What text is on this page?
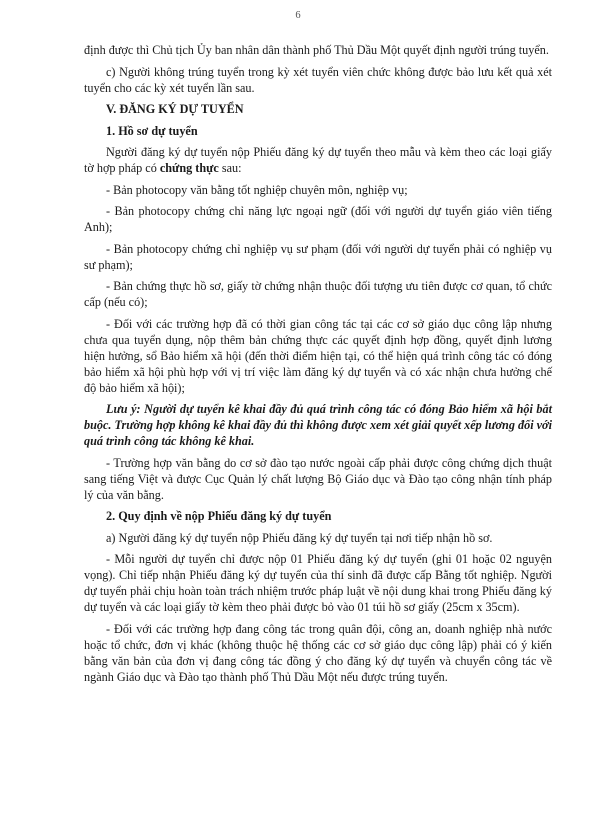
6

định được thì Chủ tịch Ủy ban nhân dân thành phố Thủ Dầu Một quyết định người trúng tuyển.

c) Người không trúng tuyển trong kỳ xét tuyển viên chức không được bảo lưu kết quả xét tuyển cho các kỳ xét tuyển lần sau.

V. ĐĂNG KÝ DỰ TUYỂN

1. Hồ sơ dự tuyển

Người đăng ký dự tuyển nộp Phiếu đăng ký dự tuyển theo mẫu và kèm theo các loại giấy tờ hợp pháp có chứng thực sau:

- Bản photocopy văn bằng tốt nghiệp chuyên môn, nghiệp vụ;

- Bản photocopy chứng chỉ năng lực ngoại ngữ (đối với người dự tuyển giáo viên tiếng Anh);

- Bản photocopy chứng chỉ nghiệp vụ sư phạm (đối với người dự tuyển phải có nghiệp vụ sư phạm);

- Bản chứng thực hồ sơ, giấy tờ chứng nhận thuộc đối tượng ưu tiên được cơ quan, tổ chức cấp (nếu có);

- Đối với các trường hợp đã có thời gian công tác tại các cơ sở giáo dục công lập nhưng chưa qua tuyển dụng, nộp thêm bản chứng thực các quyết định hợp đồng, quyết định lương hiện hưởng, sổ Bảo hiểm xã hội (đến thời điểm hiện tại, có thể hiện quá trình công tác có đóng bảo hiểm xã hội phù hợp với vị trí việc làm đăng ký dự tuyển và có xác nhận chưa hưởng chế độ bảo hiểm xã hội);

Lưu ý: Người dự tuyển kê khai đầy đủ quá trình công tác có đóng Bảo hiểm xã hội bắt buộc. Trường hợp không kê khai đầy đủ thì không được xem xét giải quyết xếp lương đối với quá trình công tác không kê khai.

- Trường hợp văn bằng do cơ sở đào tạo nước ngoài cấp phải được công chứng dịch thuật sang tiếng Việt và được Cục Quản lý chất lượng Bộ Giáo dục và Đào tạo công nhận tính pháp lý của văn bằng.

2. Quy định về nộp Phiếu đăng ký dự tuyển

a) Người đăng ký dự tuyển nộp Phiếu đăng ký dự tuyển tại nơi tiếp nhận hồ sơ.

- Mỗi người dự tuyển chỉ được nộp 01 Phiếu đăng ký dự tuyển (ghi 01 hoặc 02 nguyện vọng). Chỉ tiếp nhận Phiếu đăng ký dự tuyển của thí sinh đã được cấp Bằng tốt nghiệp. Người dự tuyển phải chịu hoàn toàn trách nhiệm trước pháp luật về nội dung khai trong Phiếu đăng ký dự tuyển và các loại giấy tờ kèm theo phải được bỏ vào 01 túi hồ sơ giấy (25cm x 35cm).

- Đối với các trường hợp đang công tác trong quân đội, công an, doanh nghiệp nhà nước hoặc tổ chức, đơn vị khác (không thuộc hệ thống các cơ sở giáo dục công lập) phải có ý kiến bằng văn bản của đơn vị đang công tác đồng ý cho đăng ký dự tuyển và chuyển công tác về ngành Giáo dục và Đào tạo thành phố Thủ Dầu Một nếu được trúng tuyển.
